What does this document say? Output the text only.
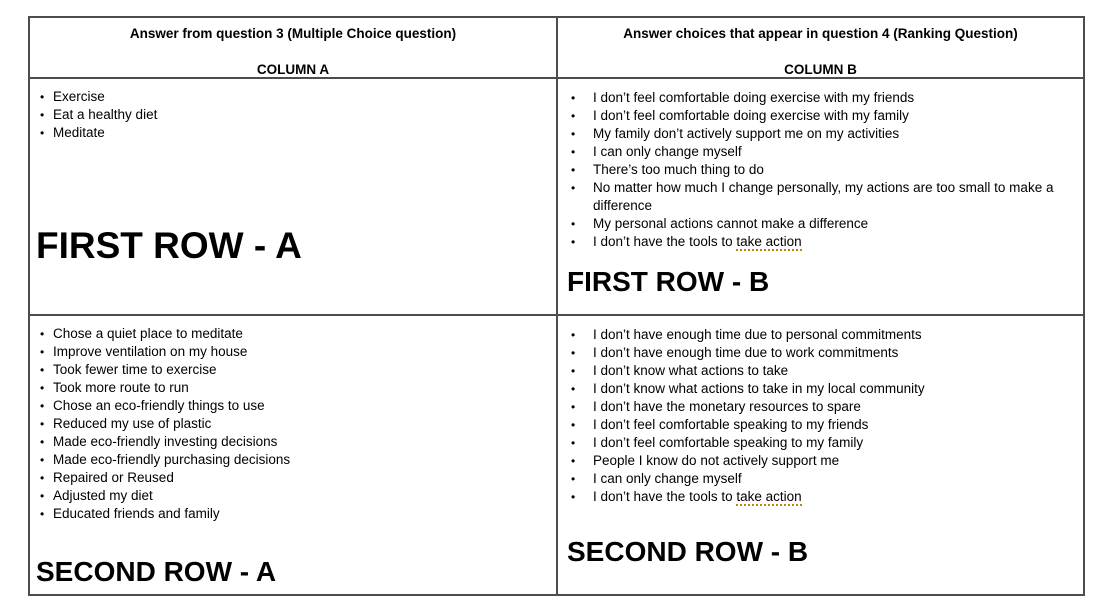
Answer from question 3 (Multiple Choice question)
COLUMN A
Answer choices that appear in question 4 (Ranking Question)
COLUMN B
• Exercise
• Eat a healthy diet
• Meditate
FIRST ROW - A
• I don’t feel comfortable doing exercise with my friends
• I don’t feel comfortable doing exercise with my family
• My family don’t actively support me on my activities
• I can only change myself
• There’s too much thing to do
• No matter how much I change personally, my actions are too small to make a difference
• My personal actions cannot make a difference
• I don’t have the tools to take action
FIRST ROW - B
• Chose a quiet place to meditate
• Improve ventilation on my house
• Took fewer time to exercise
• Took more route to run
• Chose an eco-friendly things to use
• Reduced my use of plastic
• Made eco-friendly investing decisions
• Made eco-friendly purchasing decisions
• Repaired or Reused
• Adjusted my diet
• Educated friends and family
SECOND ROW - A
• I don’t have enough time due to personal commitments
• I don’t have enough time due to work commitments
• I don’t know what actions to take
• I don’t know what actions to take in my local community
• I don’t have the monetary resources to spare
• I don’t feel comfortable speaking to my friends
• I don’t feel comfortable speaking to my family
• People I know do not actively support me
• I can only change myself
• I don’t have the tools to take action
SECOND ROW - B
